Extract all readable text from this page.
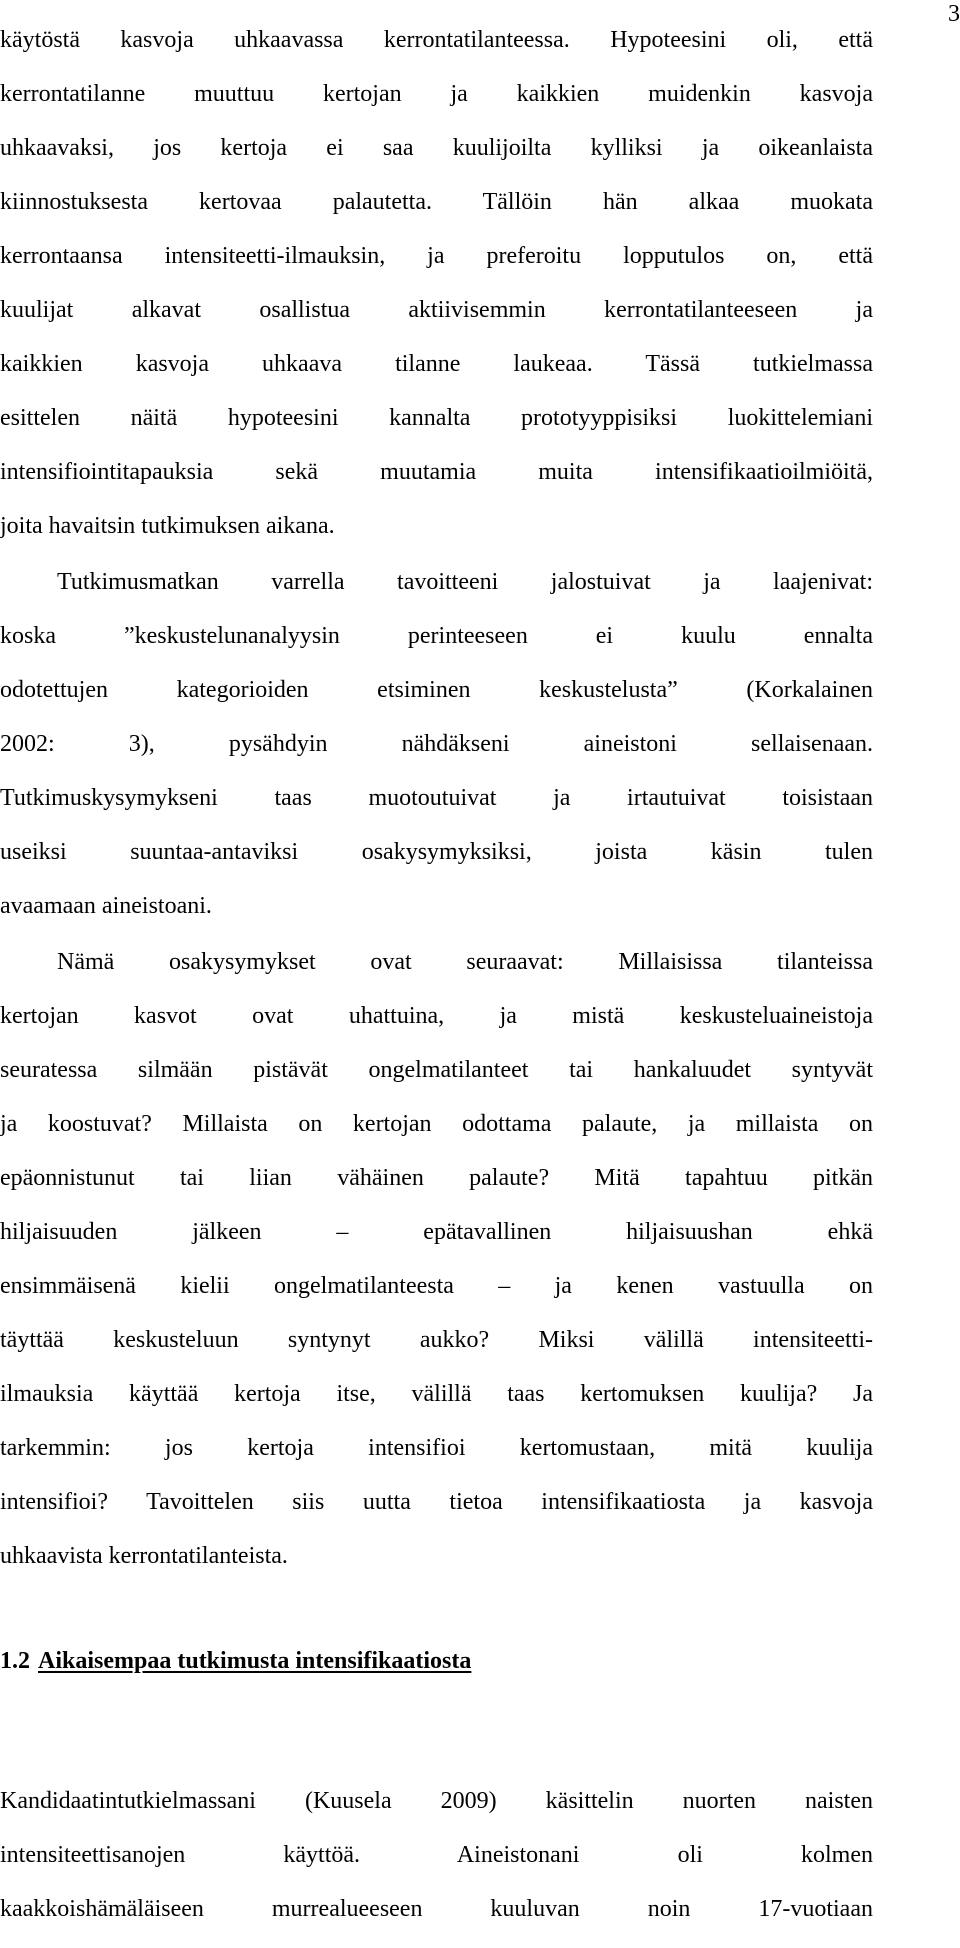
3
käytöstä kasvoja uhkaavassa kerrontatilanteessa. Hypoteesini oli, että
kerrontatilanne muuttuu kertojan ja kaikkien muidenkin kasvoja
uhkaavaksi, jos kertoja ei saa kuulijoilta kylliksi ja oikeanlaista
kiinnostuksesta kertovaa palautetta. Tällöin hän alkaa muokata
kerrontaansa intensiteetti-ilmauksin, ja preferoitu lopputulos on, että
kuulijat alkavat osallistua aktiivisemmin kerrontatilanteeseen ja
kaikkien kasvoja uhkaava tilanne laukeaa. Tässä tutkielmassa
esittelen näitä hypoteesini kannalta prototyyppisiksi luokittelemiani
intensifiointitapauksia sekä muutamia muita intensifikaatioilmiöitä,
joita havaitsin tutkimuksen aikana.
Tutkimusmatkan varrella tavoitteeni jalostuivat ja laajenivat:
koska ”keskustelunanalyysin perinteeseen ei kuulu ennalta
odotettujen kategorioiden etsiminen keskustelusta” (Korkalainen
2002: 3), pysähdyin nähdäkseni aineistoni sellaisenaan.
Tutkimuskysymykseni taas muotoutuivat ja irtautuivat toisistaan
useiksi suuntaa-antaviksi osakysymyksiksi, joista käsin tulen
avaamaan aineistoani.
Nämä osakysymykset ovat seuraavat: Millaisissa tilanteissa
kertojan kasvot ovat uhattuina, ja mistä keskusteluaineistoja
seuratessa silmään pistävät ongelmatilanteet tai hankaluudet syntyvät
ja koostuvat? Millaista on kertojan odottama palaute, ja millaista on
epäonnistunut tai liian vähäinen palaute? Mitä tapahtuu pitkän
hiljaisuuden jälkeen – epätavallinen hiljaisuushan ehkä
ensimmäisenä kielii ongelmatilanteesta – ja kenen vastuulla on
täyttää keskusteluun syntynyt aukko? Miksi välillä intensiteetti-
ilmauksia käyttää kertoja itse, välillä taas kertomuksen kuulija? Ja
tarkemmin: jos kertoja intensifioi kertomustaan, mitä kuulija
intensifioi? Tavoittelen siis uutta tietoa intensifikaatiosta ja kasvoja
uhkaavista kerrontatilanteista.
1.2 Aikaisempaa tutkimusta intensifikaatiosta
Kandidaatintutkielmassani (Kuusela 2009) käsittelin nuorten naisten
intensiteettisanojen käyttöä. Aineistonani oli kolmen
kaakkoishämäläiseen murrealueeseen kuuluvan noin 17-vuotiaan
